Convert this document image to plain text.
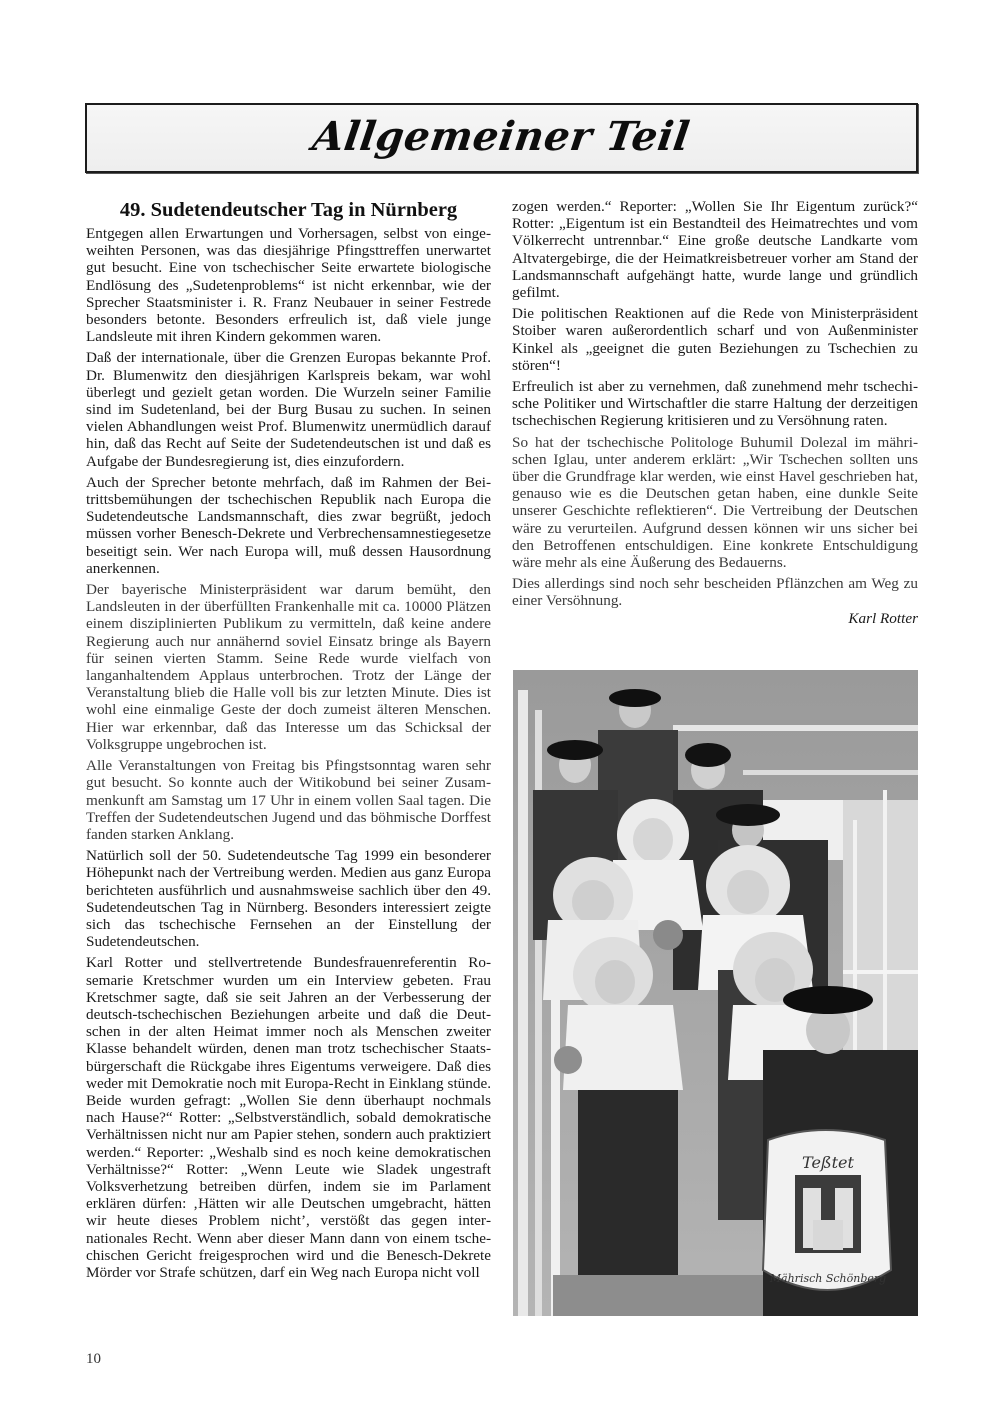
Allgemeiner Teil
49. Sudetendeutscher Tag in Nürnberg

Entgegen allen Erwartungen und Vorhersagen, selbst von eingeweihten Personen, was das diesjährige Pfingsttreffen unerwartet gut besucht. Eine von tschechischer Seite erwartete biologische Endlösung des „Sudetenproblems“ ist nicht erkennbar, wie der Sprecher Staatsminister i. R. Franz Neubauer in seiner Festrede besonders betonte. Besonders erfreulich ist, daß viele junge Landsleute mit ihren Kindern gekommen waren.

Daß der internationale, über die Grenzen Europas bekannte Prof. Dr. Blumenwitz den diesjährigen Karlspreis bekam, war wohl überlegt und gezielt getan worden. Die Wurzeln seiner Familie sind im Sudetenland, bei der Burg Busau zu suchen. In seinen vielen Abhandlungen weist Prof. Blumenwitz unermüdlich darauf hin, daß das Recht auf Seite der Sudetendeutschen ist und daß es Aufgabe der Bundesregierung ist, dies einzufordern.

Auch der Sprecher betonte mehrfach, daß im Rahmen der Beitrittsbemühungen der tschechischen Republik nach Europa die Sudetendeutsche Landsmannschaft, dies zwar begrüßt, jedoch müssen vorher Benesch-Dekrete und Verbrechensamnestiegesetze beseitigt sein. Wer nach Europa will, muß dessen Hausordnung anerkennen.

Der bayerische Ministerpräsident war darum bemüht, den Landsleuten in der überfüllten Frankenhalle mit ca. 10000 Plätzen einem disziplinierten Publikum zu vermitteln, daß keine andere Regierung auch nur annähernd soviel Einsatz bringe als Bayern für seinen vierten Stamm. Seine Rede wurde vielfach von langanhaltendem Applaus unterbrochen. Trotz der Länge der Veranstaltung blieb die Halle voll bis zur letzten Minute. Dies ist wohl eine einmalige Geste der doch zumeist älteren Menschen. Hier war erkennbar, daß das Interesse um das Schicksal der Volksgruppe ungebrochen ist.

Alle Veranstaltungen von Freitag bis Pfingstsonntag waren sehr gut besucht. So konnte auch der Witikobund bei seiner Zusammenkunft am Samstag um 17 Uhr in einem vollen Saal tagen. Die Treffen der Sudetendeutschen Jugend und das böhmische Dorffest fanden starken Anklang.

Natürlich soll der 50. Sudetendeutsche Tag 1999 ein besonderer Höhepunkt nach der Vertreibung werden. Medien aus ganz Europa berichteten ausführlich und ausnahmsweise sachlich über den 49. Sudetendeutschen Tag in Nürnberg. Besonders interessiert zeigte sich das tschechische Fernsehen an der Einstellung der Sudetendeutschen.

Karl Rotter und stellvertretende Bundesfrauenreferentin Rosemarie Kretschmer wurden um ein Interview gebeten. Frau Kretschmer sagte, daß sie seit Jahren an der Verbesserung der deutsch-tschechischen Beziehungen arbeite und daß die Deutschen in der alten Heimat immer noch als Menschen zweiter Klasse behandelt würden, denen man trotz tschechischer Staatsbürgerschaft die Rückgabe ihres Eigentums verweigere. Daß dies weder mit Demokratie noch mit Europa-Recht in Einklang stünde. Beide wurden gefragt: „Wollen Sie denn überhaupt nochmals nach Hause?“ Rotter: „Selbstverständlich, sobald demokratische Verhältnissen nicht nur am Papier stehen, sondern auch praktiziert werden.“ Reporter: „Weshalb sind es noch keine demokratischen Verhältnisse?“ Rotter: „Wenn Leute wie Sladek ungestraft Volksverhetzung betreiben dürfen, indem sie im Parlament erklären dürfen: ‚Hätten wir alle Deutschen umgebracht, hätten wir heute dieses Problem nicht’, verstößt das gegen internationales Recht. Wenn aber dieser Mann dann von einem tschechischen Gericht freigesprochen wird und die Benesch-Dekrete Mörder vor Strafe schützen, darf ein Weg nach Europa nicht voll

zogen werden.“ Reporter: „Wollen Sie Ihr Eigentum zurück?“ Rotter: „Eigentum ist ein Bestandteil des Heimatrechtes und vom Völkerrecht untrennbar.“ Eine große deutsche Landkarte vom Altvatergebirge, die der Heimatkreisbetreuer vorher am Stand der Landsmannschaft aufgehängt hatte, wurde lange und gründlich gefilmt.

Die politischen Reaktionen auf die Rede von Ministerpräsident Stoiber waren außerordentlich scharf und von Außenminister Kinkel als „geeignet die guten Beziehungen zu Tschechien zu stören“!

Erfreulich ist aber zu vernehmen, daß zunehmend mehr tschechische Politiker und Wirtschaftler die starre Haltung der derzeitigen tschechischen Regierung kritisieren und zu Versöhnung raten.

So hat der tschechische Politologe Buhumil Dolezal im mährischen Iglau, unter anderem erklärt: „Wir Tschechen sollten uns über die Grundfrage klar werden, wie einst Havel geschrieben hat, genauso wie es die Deutschen getan haben, eine dunkle Seite unserer Geschichte reflektieren“. Die Vertreibung der Deutschen wäre zu verurteilen. Aufgrund dessen können wir uns sicher bei den Betroffenen entschuldigen. Eine konkrete Entschuldigung wäre mehr als eine Äußerung des Bedauerns.

Dies allerdings sind noch sehr bescheiden Pflänzchen am Weg zu einer Versöhnung.

Karl Rotter
Teßtet
Mährisch Schönberg
10
